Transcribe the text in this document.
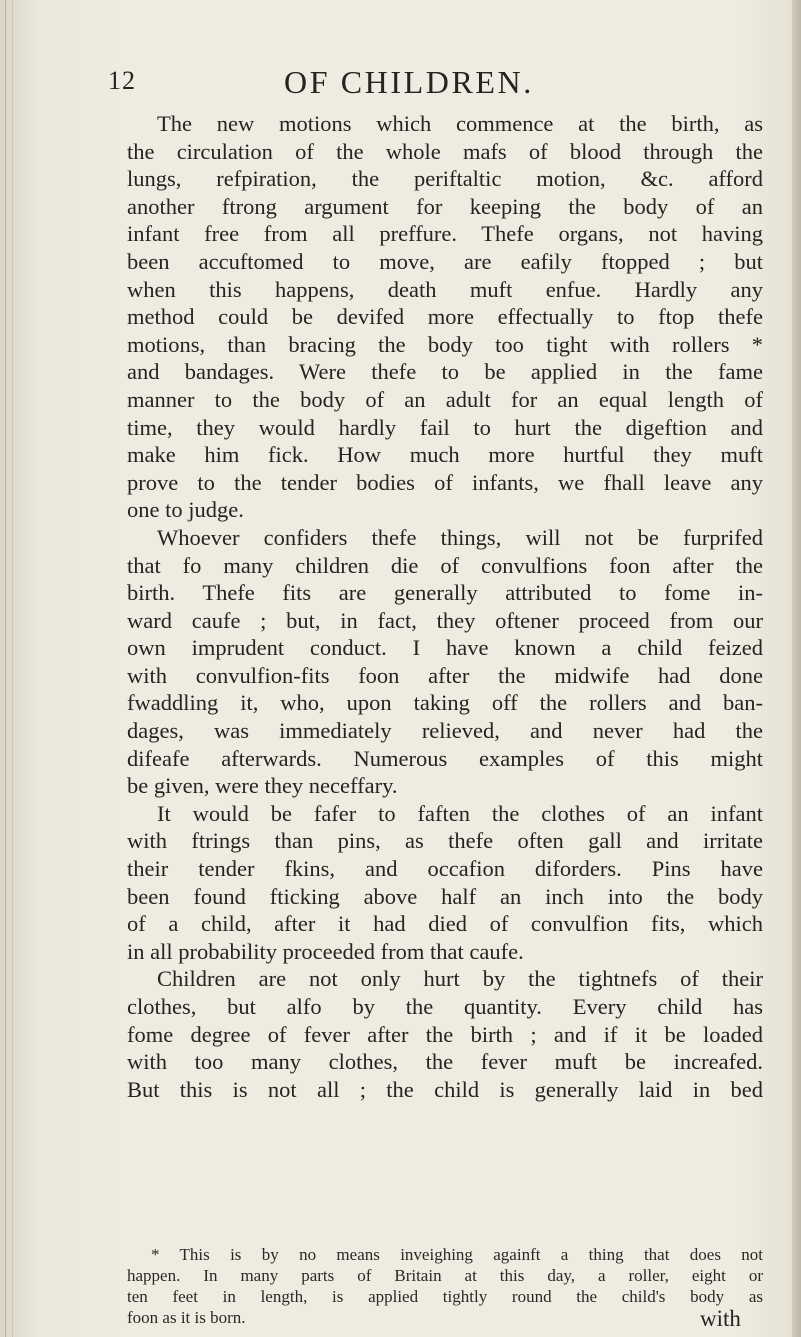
12	OF CHILDREN.
The new motions which commence at the birth, as
the circulation of the whole mafs of blood through the
lungs, refpiration, the periftaltic motion, &c. afford
another ftrong argument for keeping the body of an
infant free from all preffure. Thefe organs, not having
been accuftomed to move, are eafily ftopped ; but
when this happens, death muft enfue. Hardly any
method could be devifed more effectually to ftop thefe
motions, than bracing the body too tight with rollers *
and bandages. Were thefe to be applied in the fame
manner to the body of an adult for an equal length of
time, they would hardly fail to hurt the digeftion and
make him fick. How much more hurtful they muft
prove to the tender bodies of infants, we fhall leave any
one to judge.
Whoever confiders thefe things, will not be furprifed
that fo many children die of convulfions foon after the
birth. Thefe fits are generally attributed to fome in-
ward caufe ; but, in fact, they oftener proceed from our
own imprudent conduct. I have known a child feized
with convulfion-fits foon after the midwife had done
fwaddling it, who, upon taking off the rollers and ban-
dages, was immediately relieved, and never had the
difeafe afterwards. Numerous examples of this might
be given, were they neceffary.
It would be fafer to faften the clothes of an infant
with ftrings than pins, as thefe often gall and irritate
their tender fkins, and occafion diforders. Pins have
been found fticking above half an inch into the body
of a child, after it had died of convulfion fits, which
in all probability proceeded from that caufe.
Children are not only hurt by the tightnefs of their
clothes, but alfo by the quantity. Every child has
fome degree of fever after the birth ; and if it be loaded
with too many clothes, the fever muft be increafed.
But this is not all ; the child is generally laid in bed
* This is by no means inveighing againft a thing that does not
happen. In many parts of Britain at this day, a roller, eight or
ten feet in length, is applied tightly round the child's body as
foon as it is born.	with
